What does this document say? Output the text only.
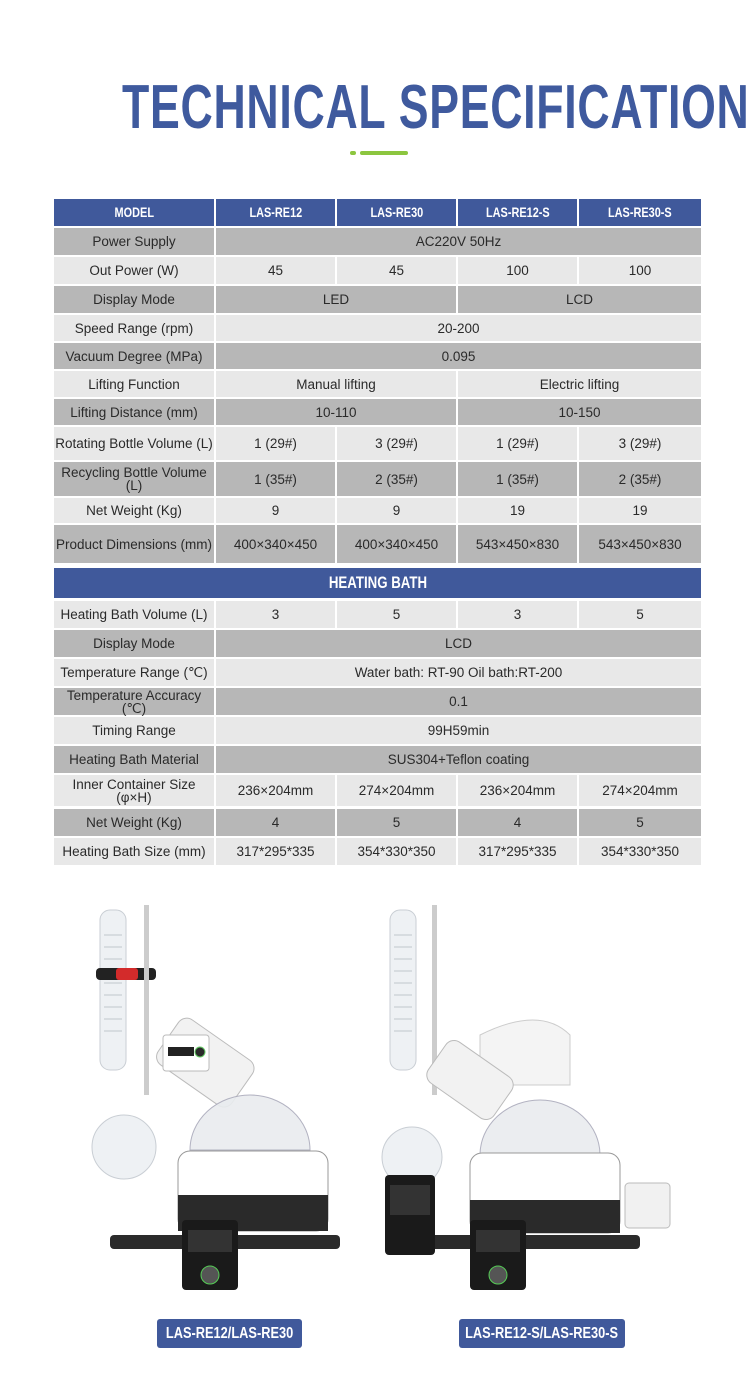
TECHNICAL SPECIFICATION
MODEL	LAS-RE12	LAS-RE30	LAS-RE12-S	LAS-RE30-S
Power Supply	AC220V 50Hz
Out Power (W)	45	45	100	100
Display Mode	LED	LCD
Speed Range (rpm)	20-200
Vacuum Degree (MPa)	0.095
Lifting Function	Manual lifting	Electric lifting
Lifting Distance (mm)	10-110	10-150
Rotating Bottle Volume (L)	1 (29#)	3 (29#)	1 (29#)	3 (29#)
Recycling Bottle Volume (L)	1 (35#)	2 (35#)	1 (35#)	2 (35#)
Net Weight (Kg)	9	9	19	19
Product Dimensions (mm) 400×340×450	400×340×450	543×450×830	543×450×830
HEATING BATH
Heating Bath Volume (L)	3	5	3	5
Display Mode	LCD
Temperature Range (℃)	Water bath: RT-90 Oil bath:RT-200
Temperature Accuracy (℃)	0.1
Timing Range	99H59min
Heating Bath Material	SUS304+Teflon coating
Inner Container Size (φ×H)	236×204mm	274×204mm	236×204mm	274×204mm
Net Weight (Kg)	4	5	4	5
Heating Bath Size (mm) 317*295*335	354*330*350	317*295*335	354*330*350
LAS-RE12/LAS-RE30	LAS-RE12-S/LAS-RE30-S
